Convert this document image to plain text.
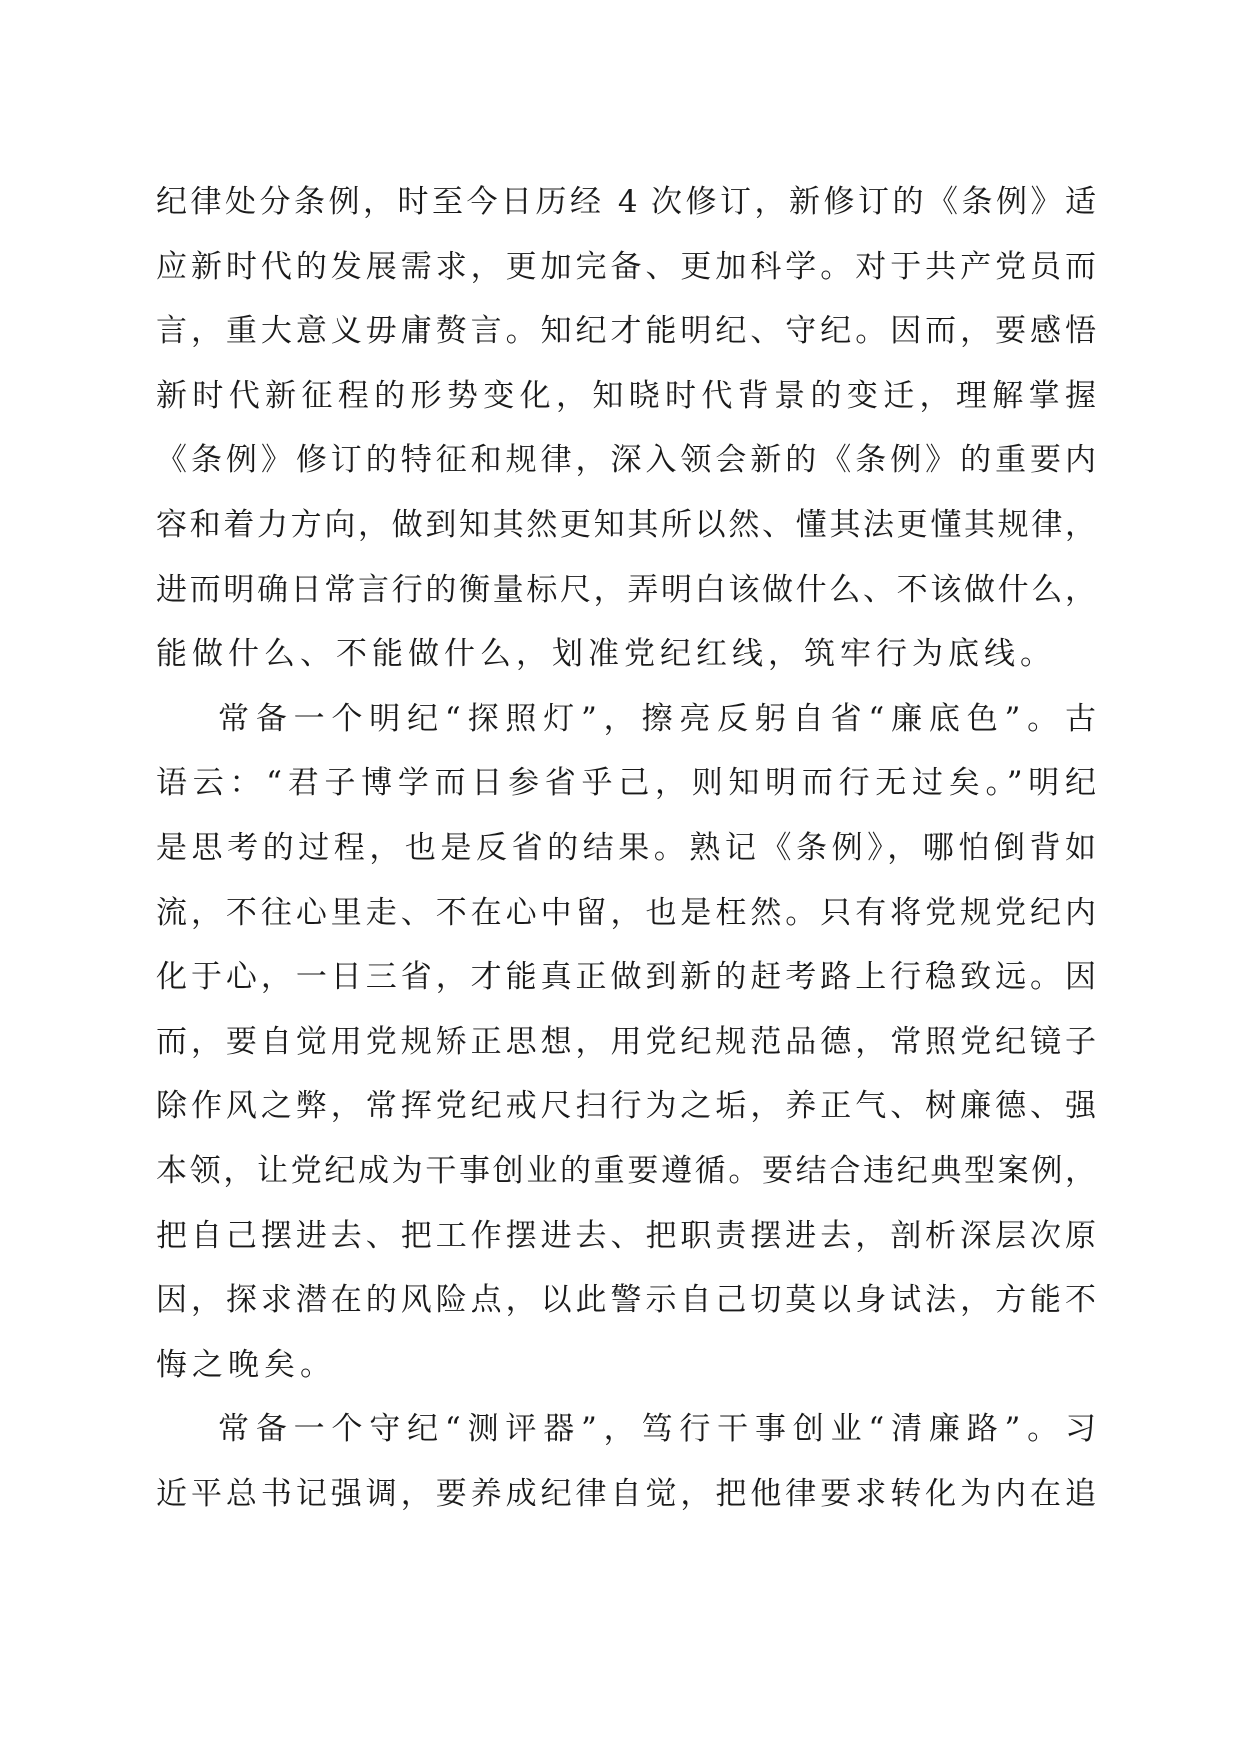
纪律处分条例，时至今日历经 4 次修订，新修订的《条例》适
应新时代的发展需求，更加完备、更加科学。对于共产党员而
言，重大意义毋庸赘言。知纪才能明纪、守纪。因而，要感悟
新时代新征程的形势变化，知晓时代背景的变迁，理解掌握
《条例》修订的特征和规律，深入领会新的《条例》的重要内
容和着力方向，做到知其然更知其所以然、懂其法更懂其规律，
进而明确日常言行的衡量标尺，弄明白该做什么、不该做什么，
能做什么、不能做什么，划准党纪红线，筑牢行为底线。
常备一个明纪“探照灯”，擦亮反躬自省“廉底色”。古
语云：“君子博学而日参省乎己，则知明而行无过矣。”明纪
是思考的过程，也是反省的结果。熟记《条例》，哪怕倒背如
流，不往心里走、不在心中留，也是枉然。只有将党规党纪内
化于心，一日三省，才能真正做到新的赶考路上行稳致远。因
而，要自觉用党规矫正思想，用党纪规范品德，常照党纪镜子
除作风之弊，常挥党纪戒尺扫行为之垢，养正气、树廉德、强
本领，让党纪成为干事创业的重要遵循。要结合违纪典型案例，
把自己摆进去、把工作摆进去、把职责摆进去，剖析深层次原
因，探求潜在的风险点，以此警示自己切莫以身试法，方能不
悔之晚矣。
常备一个守纪“测评器”，笃行干事创业“清廉路”。习
近平总书记强调，要养成纪律自觉，把他律要求转化为内在追
